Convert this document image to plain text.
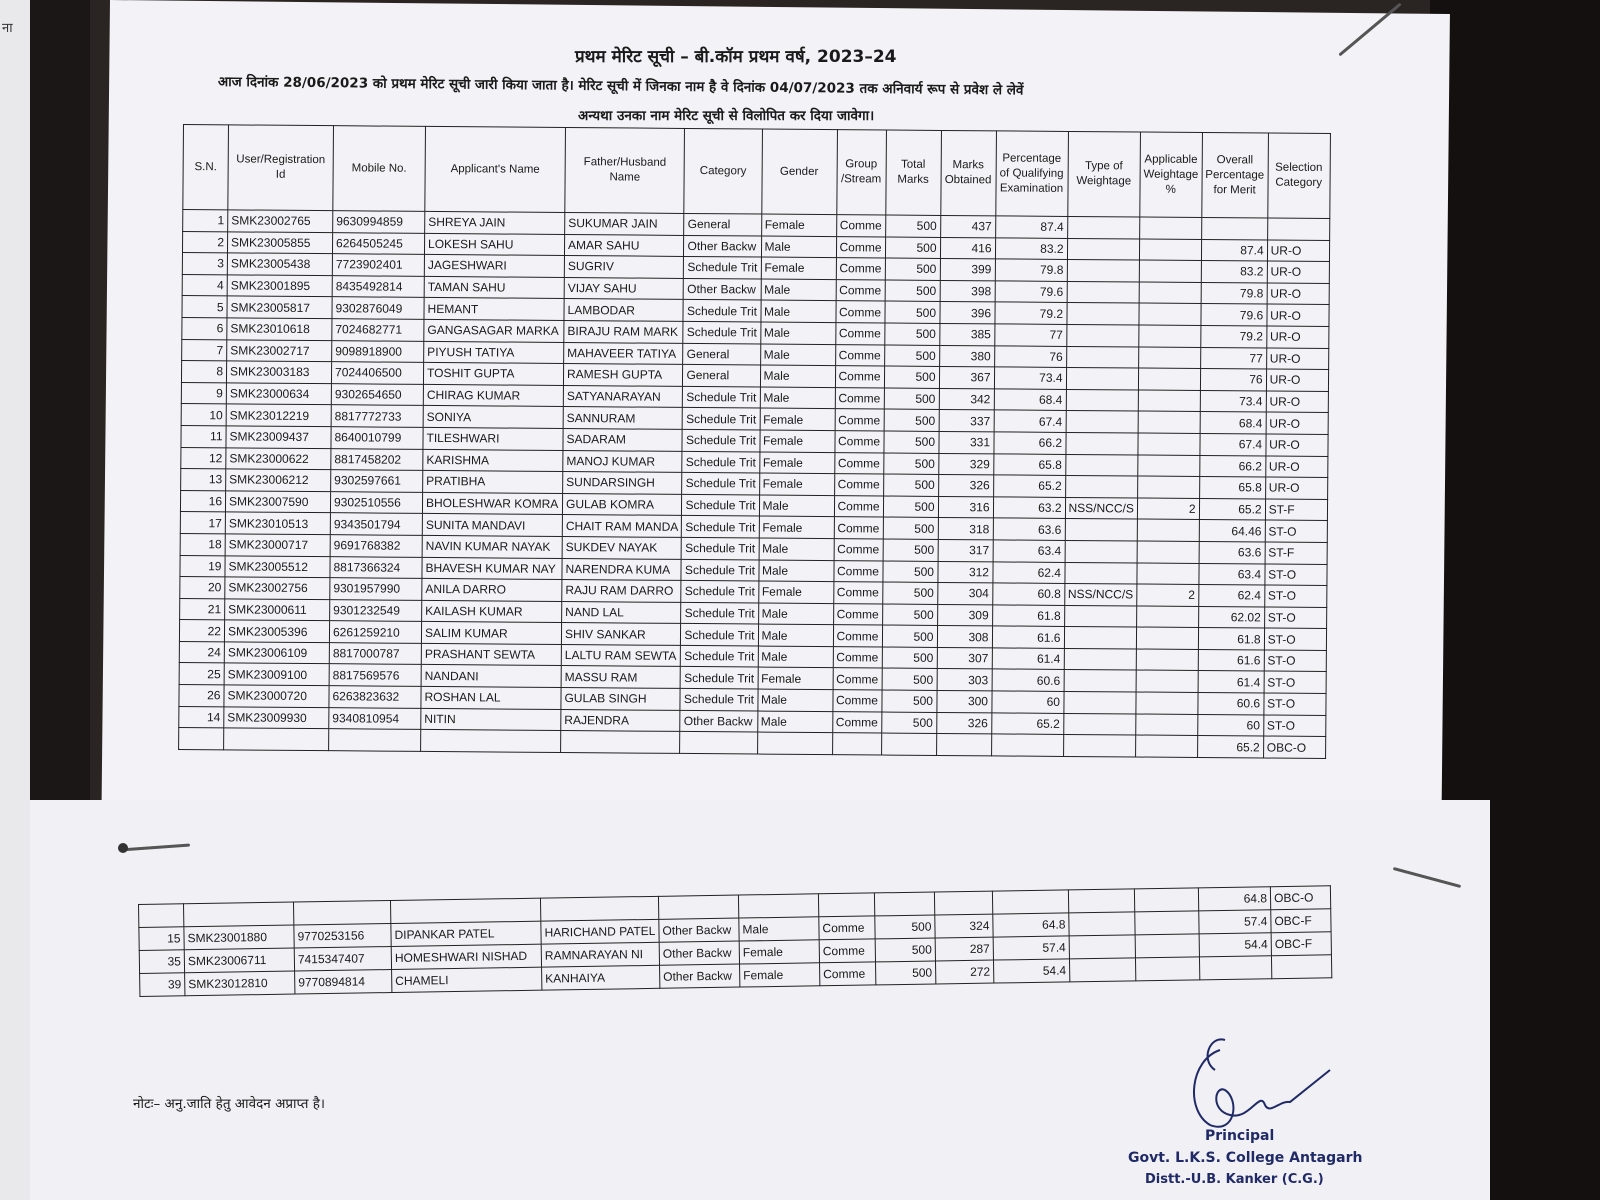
ना
प्रथम मेरिट सूची – बी.कॉम प्रथम वर्ष, 2023–24
आज दिनांक 28/06/2023 को प्रथम मेरिट सूची जारी किया जाता है। मेरिट सूची में जिनका नाम है वे दिनांक 04/07/2023 तक अनिवार्य रूप से प्रवेश ले लेवें
अन्यथा उनका नाम मेरिट सूची से विलोपित कर दिया जावेगा।
S.N.	User/Registration Id	Mobile No.	Applicant's Name	Father/Husband Name	Category	Gender	Group /Stream	Total Marks	Marks Obtained	Percentage of Qualifying Examination	Type of Weightage	Applicable Weightage %	Overall Percentage for Merit	Selection Category
1	SMK23002765	9630994859	SHREYA JAIN	SUKUMAR JAIN	General	Female	Comme	500	437	87.4				
2	SMK23005855	6264505245	LOKESH SAHU	AMAR SAHU	Other Backw	Male	Comme	500	416	83.2			87.4	UR-O
3	SMK23005438	7723902401	JAGESHWARI	SUGRIV	Schedule Trit	Female	Comme	500	399	79.8			83.2	UR-O
4	SMK23001895	8435492814	TAMAN SAHU	VIJAY SAHU	Other Backw	Male	Comme	500	398	79.6			79.8	UR-O
5	SMK23005817	9302876049	HEMANT	LAMBODAR	Schedule Trit	Male	Comme	500	396	79.2			79.6	UR-O
6	SMK23010618	7024682771	GANGASAGAR MARKA	BIRAJU RAM MARK	Schedule Trit	Male	Comme	500	385	77			79.2	UR-O
7	SMK23002717	9098918900	PIYUSH TATIYA	MAHAVEER TATIYA	General	Male	Comme	500	380	76			77	UR-O
8	SMK23003183	7024406500	TOSHIT GUPTA	RAMESH GUPTA	General	Male	Comme	500	367	73.4			76	UR-O
9	SMK23000634	9302654650	CHIRAG KUMAR	SATYANARAYAN	Schedule Trit	Male	Comme	500	342	68.4			73.4	UR-O
10	SMK23012219	8817772733	SONIYA	SANNURAM	Schedule Trit	Female	Comme	500	337	67.4			68.4	UR-O
11	SMK23009437	8640010799	TILESHWARI	SADARAM	Schedule Trit	Female	Comme	500	331	66.2			67.4	UR-O
12	SMK23000622	8817458202	KARISHMA	MANOJ KUMAR	Schedule Trit	Female	Comme	500	329	65.8			66.2	UR-O
13	SMK23006212	9302597661	PRATIBHA	SUNDARSINGH	Schedule Trit	Female	Comme	500	326	65.2			65.8	UR-O
16	SMK23007590	9302510556	BHOLESHWAR KOMRA	GULAB KOMRA	Schedule Trit	Male	Comme	500	316	63.2	NSS/NCC/S	2	65.2	ST-F
17	SMK23010513	9343501794	SUNITA MANDAVI	CHAIT RAM MANDA	Schedule Trit	Female	Comme	500	318	63.6			64.46	ST-O
18	SMK23000717	9691768382	NAVIN KUMAR NAYAK	SUKDEV NAYAK	Schedule Trit	Male	Comme	500	317	63.4			63.6	ST-F
19	SMK23005512	8817366324	BHAVESH KUMAR NAY	NARENDRA KUMA	Schedule Trit	Male	Comme	500	312	62.4			63.4	ST-O
20	SMK23002756	9301957990	ANILA DARRO	RAJU RAM DARRO	Schedule Trit	Female	Comme	500	304	60.8	NSS/NCC/S	2	62.4	ST-O
21	SMK23000611	9301232549	KAILASH KUMAR	NAND LAL	Schedule Trit	Male	Comme	500	309	61.8			62.02	ST-O
22	SMK23005396	6261259210	SALIM KUMAR	SHIV SANKAR	Schedule Trit	Male	Comme	500	308	61.6			61.8	ST-O
24	SMK23006109	8817000787	PRASHANT SEWTA	LALTU RAM SEWTA	Schedule Trit	Male	Comme	500	307	61.4			61.6	ST-O
25	SMK23009100	8817569576	NANDANI	MASSU RAM	Schedule Trit	Female	Comme	500	303	60.6			61.4	ST-O
26	SMK23000720	6263823632	ROSHAN LAL	GULAB SINGH	Schedule Trit	Male	Comme	500	300	60			60.6	ST-O
14	SMK23009930	9340810954	NITIN	RAJENDRA	Other Backw	Male	Comme	500	326	65.2			60	ST-O
													65.2	OBC-O
													64.8	OBC-O
15	SMK23001880	9770253156	DIPANKAR PATEL	HARICHAND PATEL	Other Backw	Male	Comme	500	324	64.8			57.4	OBC-F
35	SMK23006711	7415347407	HOMESHWARI NISHAD	RAMNARAYAN NI	Other Backw	Female	Comme	500	287	57.4			54.4	OBC-F
39	SMK23012810	9770894814	CHAMELI	KANHAIYA	Other Backw	Female	Comme	500	272	54.4				
नोटः– अनु.जाति हेतु आवेदन अप्राप्त है।
Principal
Govt. L.K.S. College Antagarh
Distt.-U.B. Kanker (C.G.)
